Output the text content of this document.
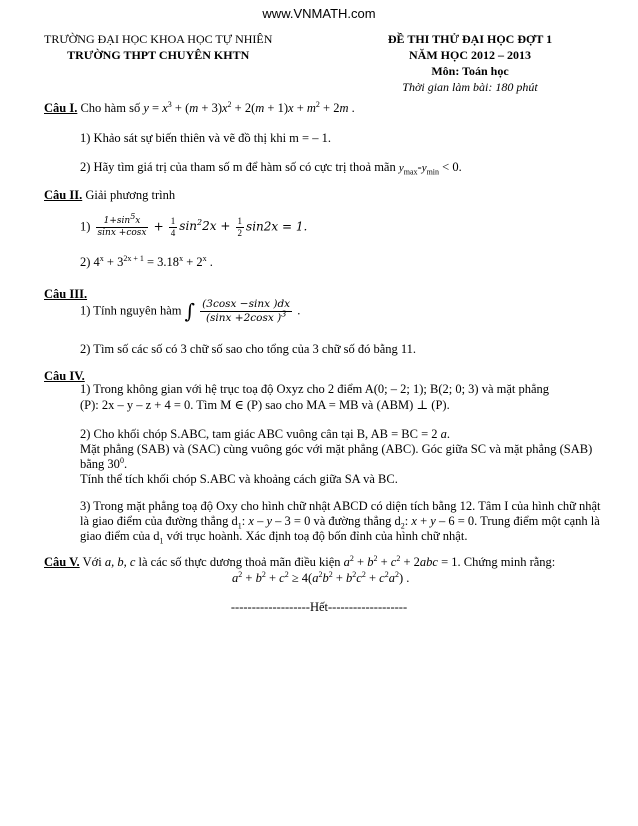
www.VNMATH.com
TRƯỜNG ĐẠI HỌC KHOA HỌC TỰ NHIÊN
TRƯỜNG THPT CHUYÊN KHTN
ĐỀ THI THỬ ĐẠI HỌC ĐỢT 1
NĂM HỌC 2012 – 2013
Môn: Toán học
Thời gian làm bài: 180 phút
Câu I. Cho hàm số $y = x^3 + (m + 3)x^2 + 2(m + 1)x + m^2 + 2m$ .
1) Khảo sát sự biến thiên và vẽ đồ thị khi m = – 1.
2) Hãy tìm giá trị của tham số m để hàm số có cực trị thoả mãn $y_{max}-y_{min} < 0$.
Câu II. Giải phương trình
$1) \frac{1+\sin^5x}{\sin x +\cos x} + \frac{1}{4} \sin^22x + \frac{1}{2} \sin 2x = 1$.
2) $4^x + 3^{2x + 1} = 3.18^x + 2^x$ .
Câu III.
1) Tính nguyên hàm ∫ $\frac{(3\cos x -\sin x )dx}{(\sin x +2\cos x )^3}$ .
2) Tìm số các số có 3 chữ số sao cho tổng của 3 chữ số đó bằng 11.
Câu IV.
1) Trong không gian với hệ trục toạ độ Oxyz cho 2 điểm A(0; – 2; 1); B(2; 0; 3) và mặt phẳng
(P): 2x – y – z + 4 = 0. Tìm M ∈ (P) sao cho MA = MB và (ABM) ⊥ (P).
2) Cho khối chóp S.ABC, tam giác ABC vuông cân tại B, AB = BC = 2 a.
Mặt phẳng (SAB) và (SAC) cùng vuông góc với mặt phẳng (ABC). Góc giữa SC và mặt phẳng (SAB)
bằng $30^0$.
Tính thể tích khối chóp S.ABC và khoảng cách giữa SA và BC.
3) Trong mặt phẳng toạ độ Oxy cho hình chữ nhật ABCD có diện tích bằng 12. Tâm I của hình chữ nhật
là giao điểm của đường thẳng $d_1$: x – y – 3 = 0 và đường thẳng $d_2$: x + y – 6 = 0. Trung điểm một cạnh là
giao điểm của $d_1$ với trục hoành. Xác định toạ độ bốn đỉnh của hình chữ nhật.
Câu V. Với a, b, c là các số thực dương thoả mãn điều kiện $a^2 + b^2 + c^2 + 2abc = 1$. Chứng minh rằng:
$a^2 + b^2 + c^2 \ge 4(a^2b^2 + b^2c^2 + c^2a^2)$ .
-------------------Hết-------------------
